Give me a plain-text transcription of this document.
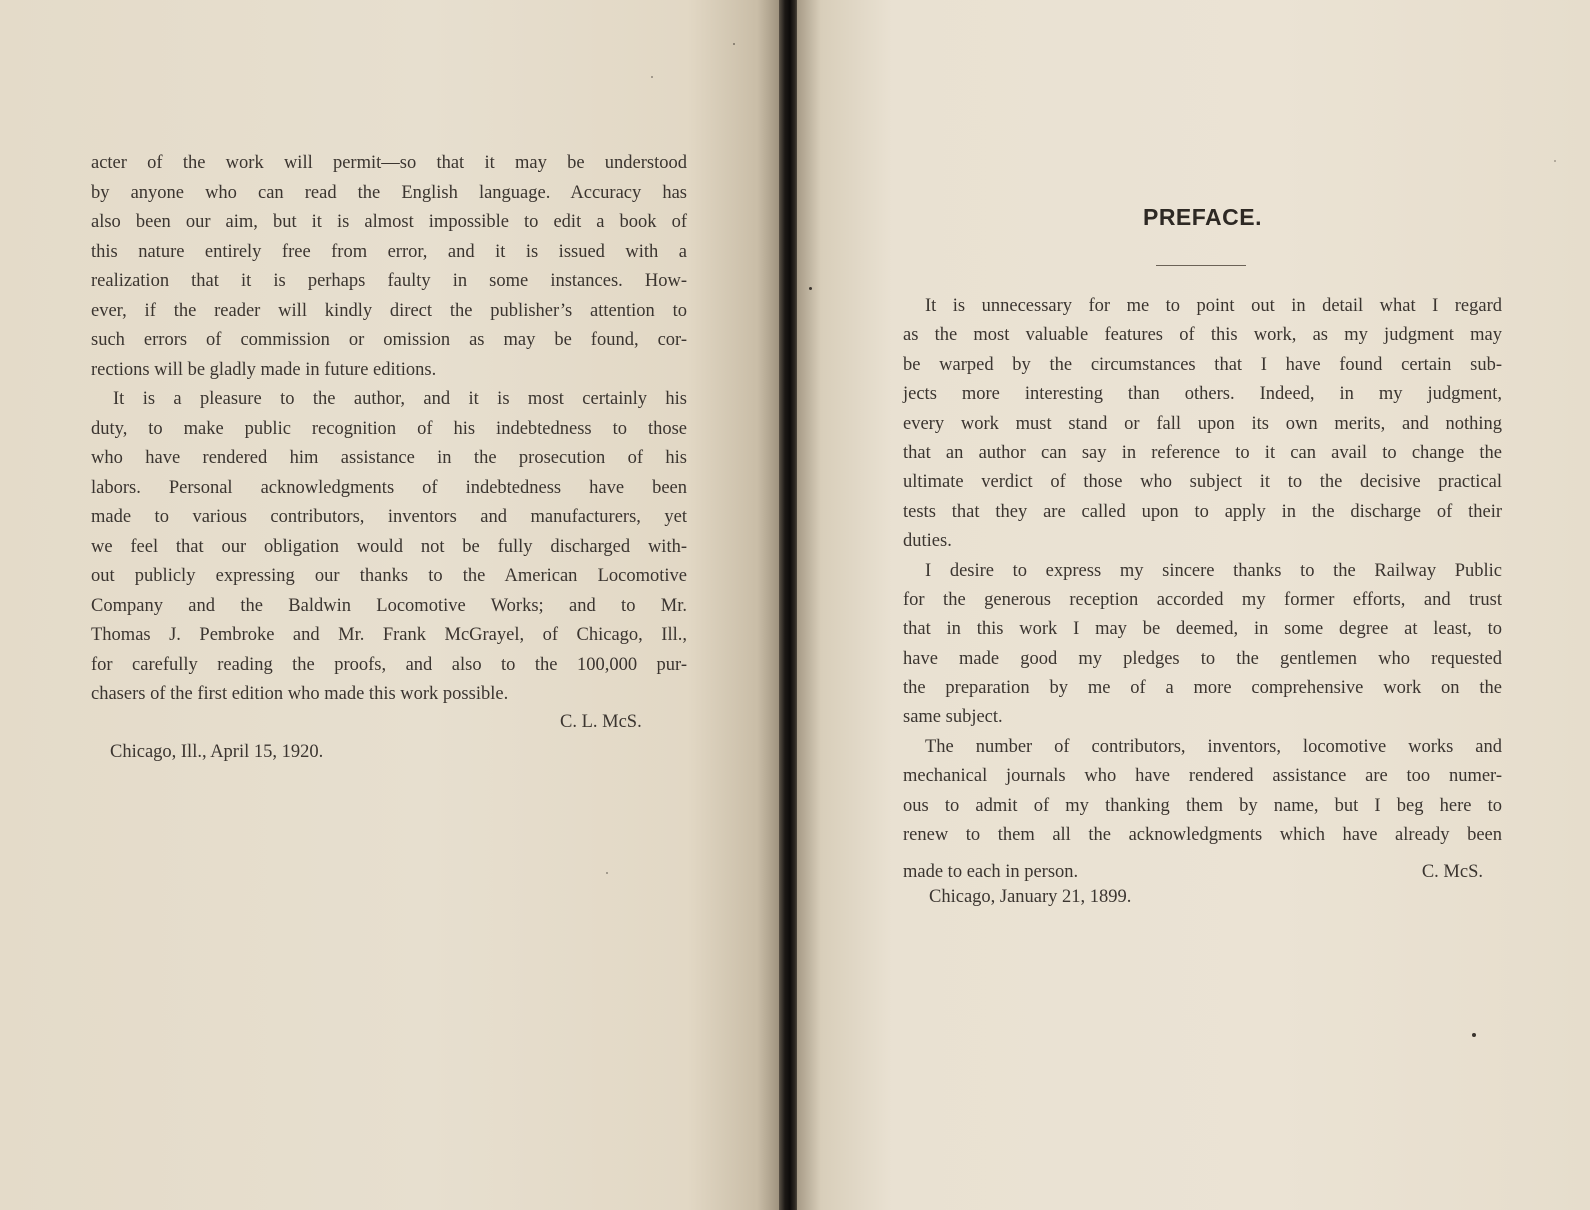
acter of the work will permit—so that it may be understood
by anyone who can read the English language. Accuracy has
also been our aim, but it is almost impossible to edit a book of
this nature entirely free from error, and it is issued with a
realization that it is perhaps faulty in some instances. How-
ever, if the reader will kindly direct the publisher’s attention to
such errors of commission or omission as may be found, cor-
rections will be gladly made in future editions.
It is a pleasure to the author, and it is most certainly his
duty, to make public recognition of his indebtedness to those
who have rendered him assistance in the prosecution of his
labors. Personal acknowledgments of indebtedness have been
made to various contributors, inventors and manufacturers, yet
we feel that our obligation would not be fully discharged with-
out publicly expressing our thanks to the American Locomotive
Company and the Baldwin Locomotive Works; and to Mr.
Thomas J. Pembroke and Mr. Frank McGrayel, of Chicago, Ill.,
for carefully reading the proofs, and also to the 100,000 pur-
chasers of the first edition who made this work possible.
C. L. McS.
Chicago, Ill., April 15, 1920.
PREFACE.
It is unnecessary for me to point out in detail what I regard
as the most valuable features of this work, as my judgment may
be warped by the circumstances that I have found certain sub-
jects more interesting than others. Indeed, in my judgment,
every work must stand or fall upon its own merits, and nothing
that an author can say in reference to it can avail to change the
ultimate verdict of those who subject it to the decisive practical
tests that they are called upon to apply in the discharge of their
duties.
I desire to express my sincere thanks to the Railway Public
for the generous reception accorded my former efforts, and trust
that in this work I may be deemed, in some degree at least, to
have made good my pledges to the gentlemen who requested
the preparation by me of a more comprehensive work on the
same subject.
The number of contributors, inventors, locomotive works and
mechanical journals who have rendered assistance are too numer-
ous to admit of my thanking them by name, but I beg here to
renew to them all the acknowledgments which have already been
made to each in person.	C. McS.
Chicago, January 21, 1899.
